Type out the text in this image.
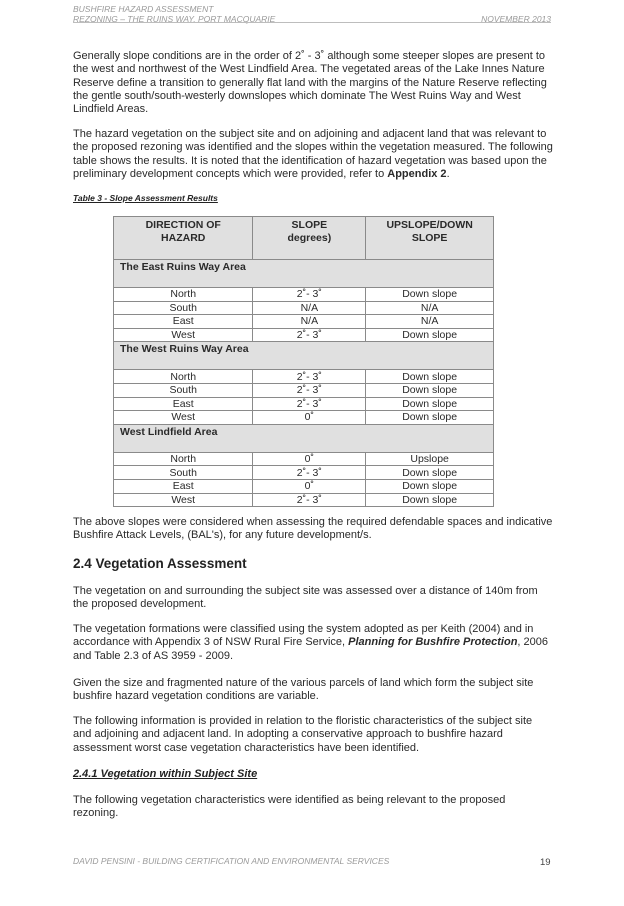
BUSHFIRE HAZARD ASSESSMENT
REZONING – THE RUINS WAY, PORT MACQUARIE	NOVEMBER 2013

Generally slope conditions are in the order of 2˚ - 3˚ although some steeper slopes are present to the west and northwest of the West Lindfield Area. The vegetated areas of the Lake Innes Nature Reserve define a transition to generally flat land with the margins of the Nature Reserve reflecting the gentle south/south-westerly downslopes which dominate The West Ruins Way and West Lindfield Areas.

The hazard vegetation on the subject site and on adjoining and adjacent land that was relevant to the proposed rezoning was identified and the slopes within the vegetation measured. The following table shows the results. It is noted that the identification of hazard vegetation was based upon the preliminary development concepts which were provided, refer to Appendix 2.

Table 3 - Slope Assessment Results
DIRECTION OF HAZARD	SLOPE degrees)	UPSLOPE/DOWN SLOPE
The East Ruins Way Area		
North	2˚- 3˚	Down slope
South	N/A	N/A
East	N/A	N/A
West	2˚- 3˚	Down slope
The West Ruins Way Area		
North	2˚- 3˚	Down slope
South	2˚- 3˚	Down slope
East	2˚- 3˚	Down slope
West	0˚	Down slope
West Lindfield Area		
North	0˚	Upslope
South	2˚- 3˚	Down slope
East	0˚	Down slope
West	2˚- 3˚	Down slope

The above slopes were considered when assessing the required defendable spaces and indicative Bushfire Attack Levels, (BAL's), for any future development/s.

2.4 Vegetation Assessment

The vegetation on and surrounding the subject site was assessed over a distance of 140m from the proposed development.

The vegetation formations were classified using the system adopted as per Keith (2004) and in accordance with Appendix 3 of NSW Rural Fire Service, Planning for Bushfire Protection, 2006 and Table 2.3 of AS 3959 - 2009.

Given the size and fragmented nature of the various parcels of land which form the subject site bushfire hazard vegetation conditions are variable.

The following information is provided in relation to the floristic characteristics of the subject site and adjoining and adjacent land. In adopting a conservative approach to bushfire hazard assessment worst case vegetation characteristics have been identified.

2.4.1 Vegetation within Subject Site

The following vegetation characteristics were identified as being relevant to the proposed rezoning.

DAVID PENSINI - BUILDING CERTIFICATION AND ENVIRONMENTAL SERVICES	19
